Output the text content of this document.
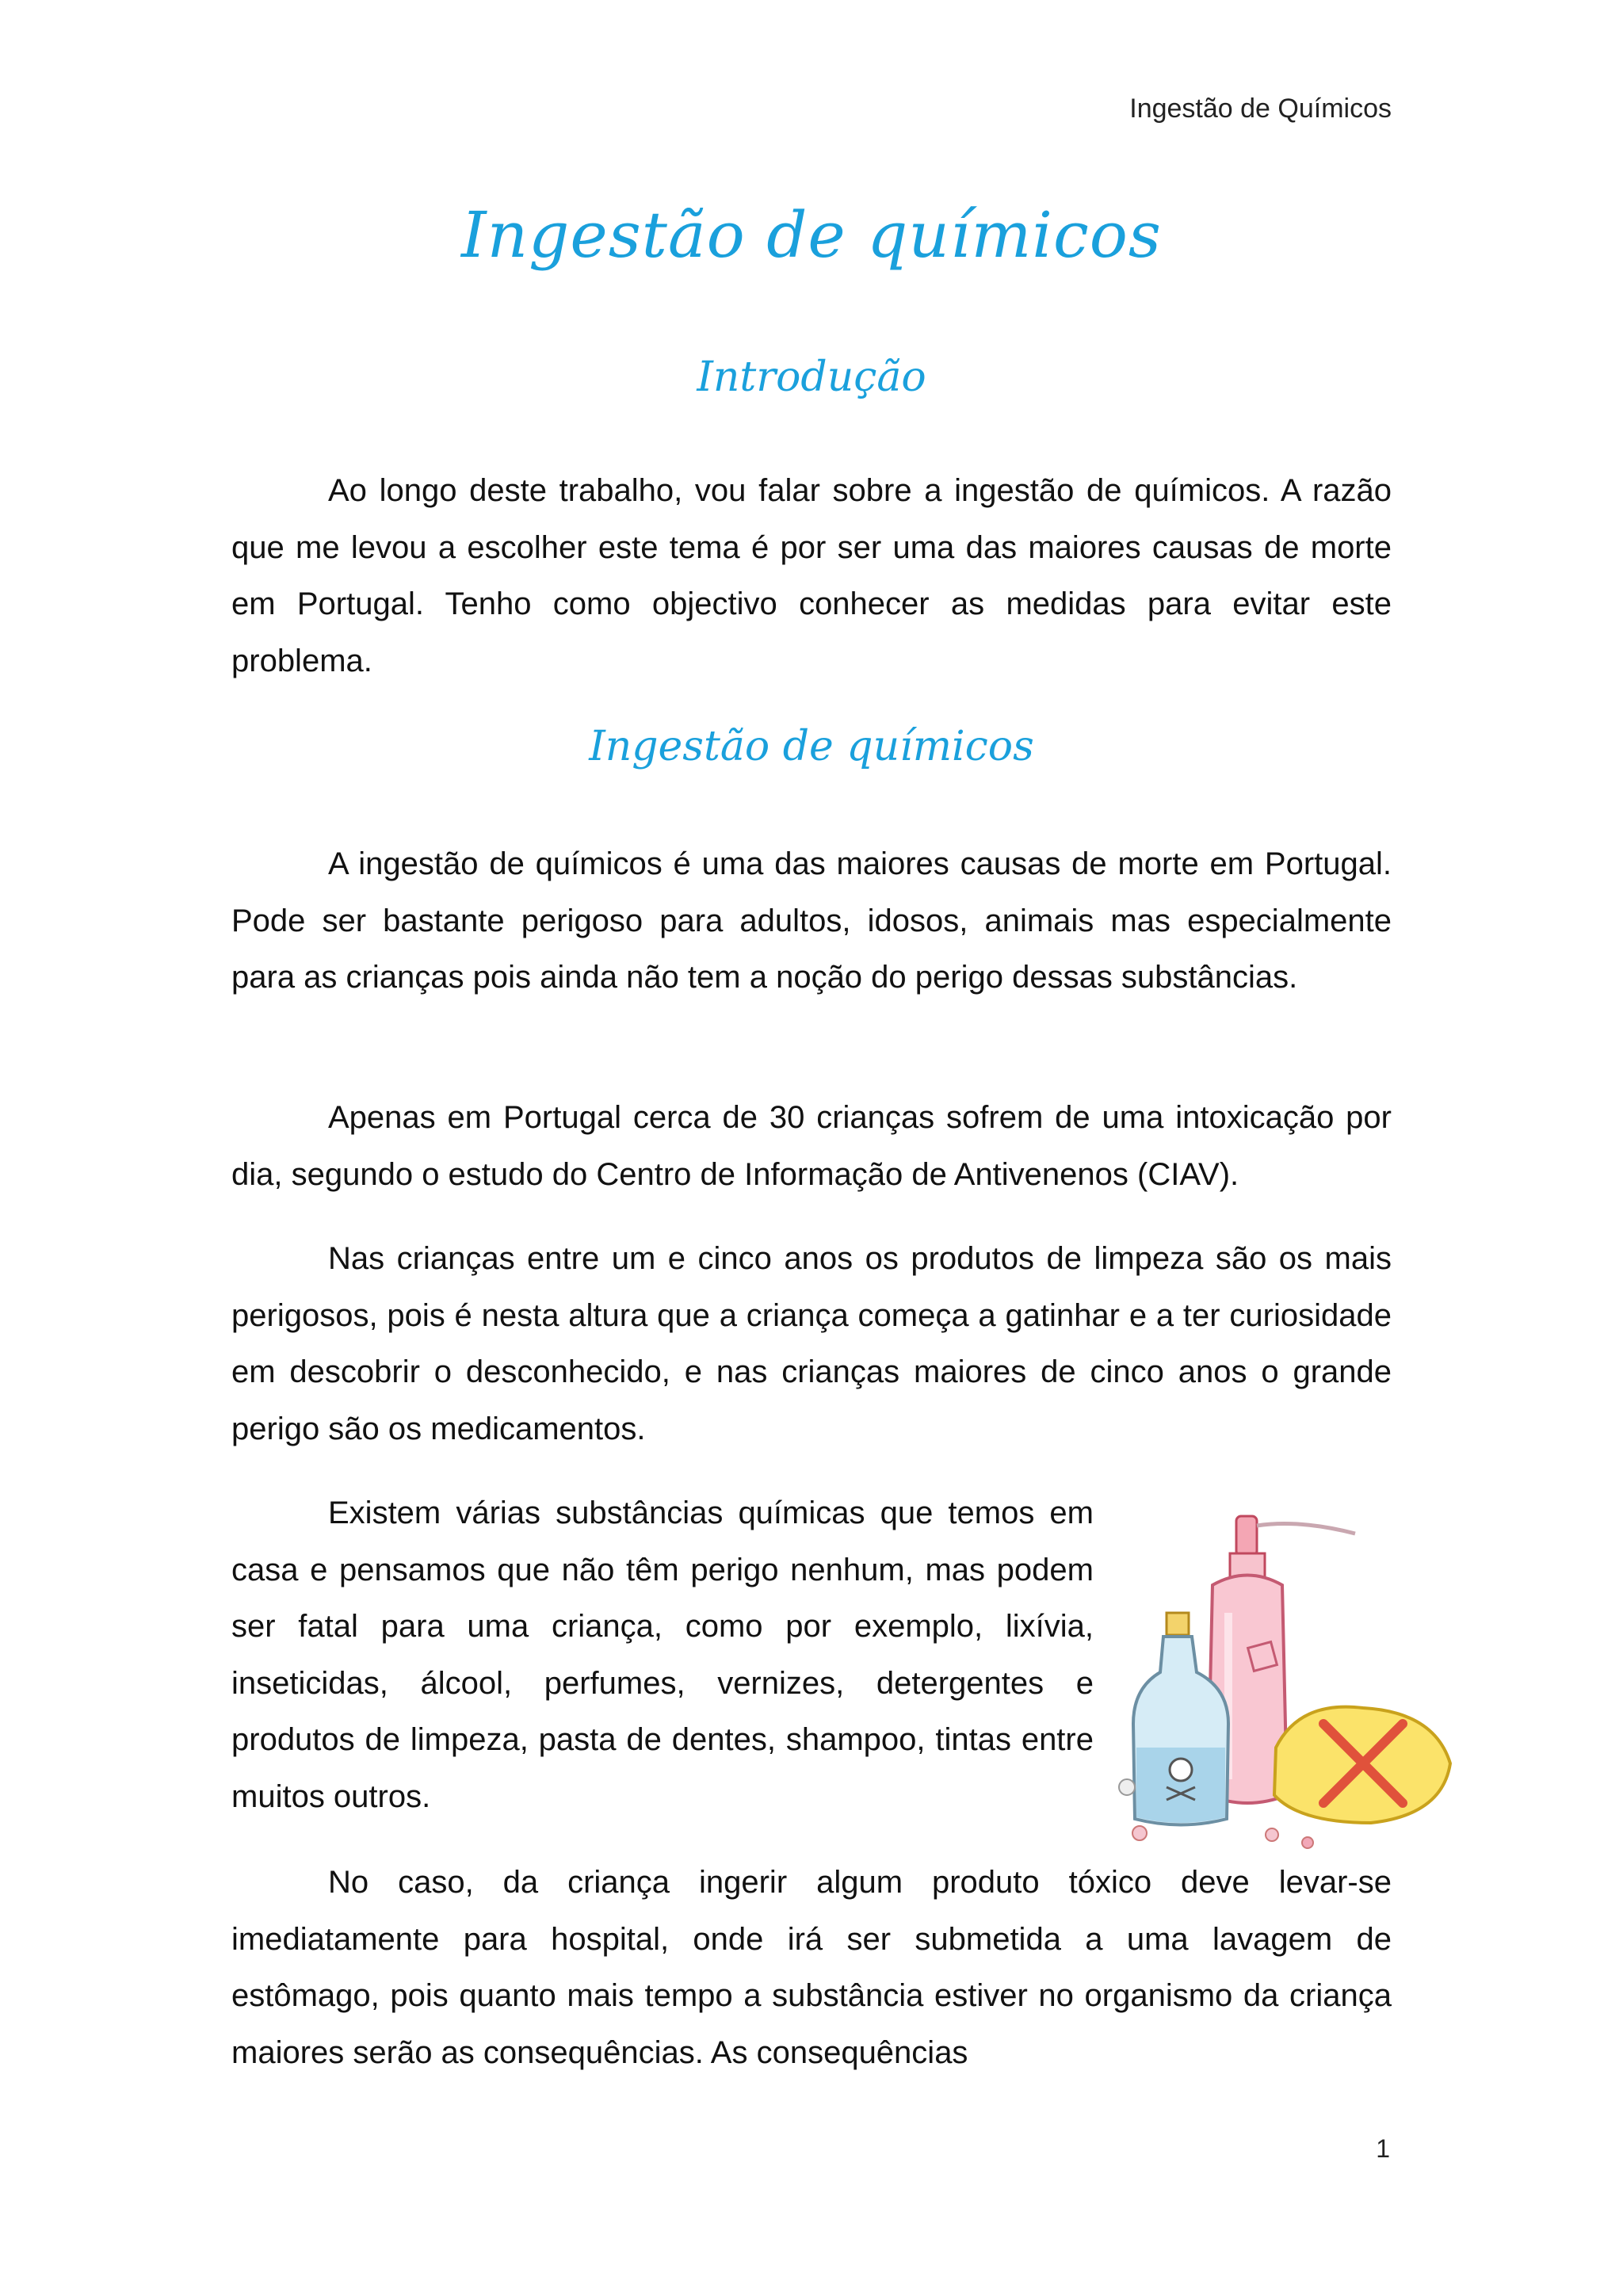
Ingestão de Químicos
Ingestão de químicos
Introdução

Ao longo deste trabalho, vou falar sobre a ingestão de químicos. A razão que me levou a escolher este tema é por ser uma das maiores causas de morte em Portugal. Tenho como objectivo conhecer as medidas para evitar este problema.

Ingestão de químicos

A ingestão de químicos é uma das maiores causas de morte em Portugal. Pode ser bastante perigoso para adultos, idosos, animais mas especialmente para as crianças pois ainda não tem a noção do perigo dessas substâncias.

Apenas em Portugal cerca de 30 crianças sofrem de uma intoxicação por dia, segundo o estudo do Centro de Informação de Antivenenos (CIAV).

Nas crianças entre um e cinco anos os produtos de limpeza são os mais perigosos, pois é nesta altura que a criança começa a gatinhar e a ter curiosidade em descobrir o desconhecido, e nas crianças maiores de cinco anos o grande perigo são os medicamentos.

Existem várias substâncias químicas que temos em casa e pensamos que não têm perigo nenhum, mas podem ser fatal para uma criança, como por exemplo, lixívia, inseticidas, álcool, perfumes, vernizes, detergentes e produtos de limpeza, pasta de dentes, shampoo, tintas entre muitos outros.

No caso, da criança ingerir algum produto tóxico deve levar-se imediatamente para hospital, onde irá ser submetida a uma lavagem de estômago, pois quanto mais tempo a substância estiver no organismo da criança maiores serão as consequências. As consequências

1
